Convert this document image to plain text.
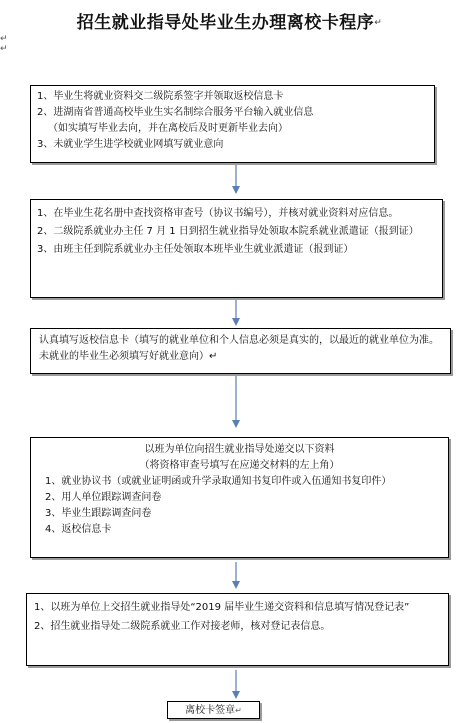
招生就业指导处毕业生办理离校卡程序↵
↵
↵
1、毕业生将就业资料交二级院系签字并领取返校信息卡
2、进湖南省普通高校毕业生实名制综合服务平台输入就业信息
（如实填写毕业去向，并在离校后及时更新毕业去向）
3、未就业学生进学校就业网填写就业意向
1、在毕业生花名册中查找资格审查号（协议书编号），并核对就业资料对应信息。
2、二级院系就业办主任 7 月 1 日到招生就业指导处领取本院系就业派遣证（报到证）
3、由班主任到院系就业办主任处领取本班毕业生就业派遣证（报到证）
认真填写返校信息卡（填写的就业单位和个人信息必须是真实的，以最近的就业单位为准。未就业的毕业生必须填写好就业意向）↵
以班为单位向招生就业指导处递交以下资料
（将资格审查号填写在应递交材料的左上角）
1、就业协议书（或就业证明函或升学录取通知书复印件或入伍通知书复印件）
2、用人单位跟踪调查问卷
3、毕业生跟踪调查问卷
4、返校信息卡
1、以班为单位上交招生就业指导处“2019 届毕业生递交资料和信息填写情况登记表”
2、招生就业指导处二级院系就业工作对接老师，核对登记表信息。
离校卡签章↵
